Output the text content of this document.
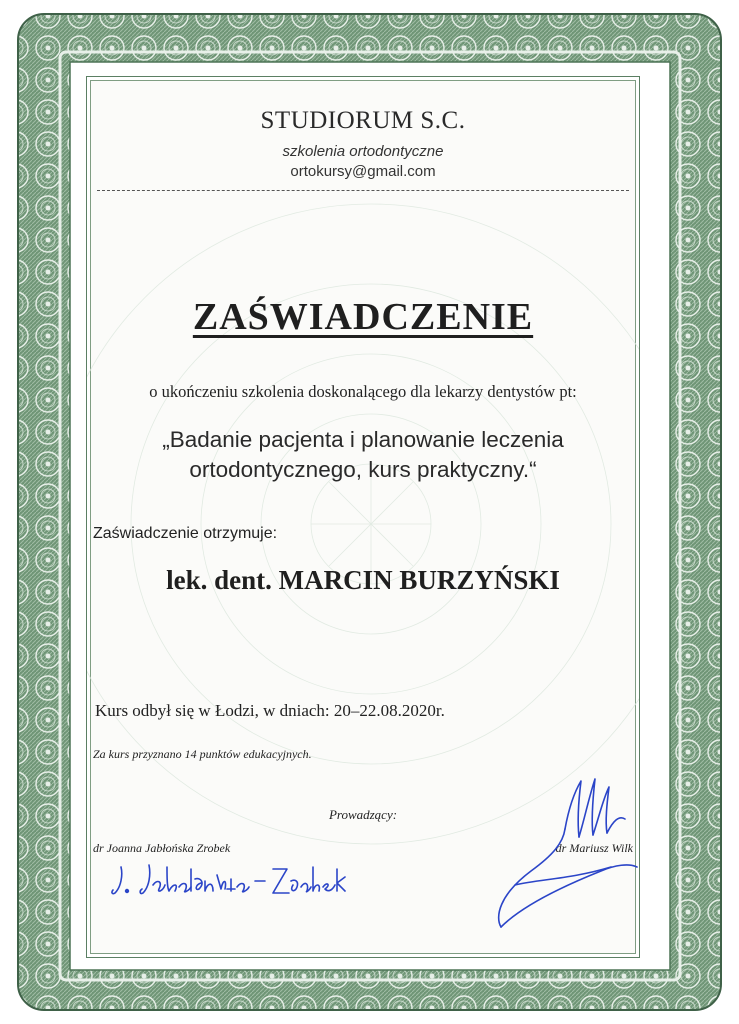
STUDIORUM S.C.
szkolenia ortodontyczne
ortokursy@gmail.com
ZAŚWIADCZENIE
o ukończeniu szkolenia doskonalącego dla lekarzy dentystów pt:
„Badanie pacjenta i planowanie leczenia
ortodontycznego, kurs praktyczny.“
Zaświadczenie otrzymuje:
lek. dent. MARCIN BURZYŃSKI
Kurs odbył się w Łodzi, w dniach: 20–22.08.2020r.
Za kurs przyznano 14 punktów edukacyjnych.
Prowadzący:
dr Joanna Jabłońska Zrobek	dr Mariusz Wilk
